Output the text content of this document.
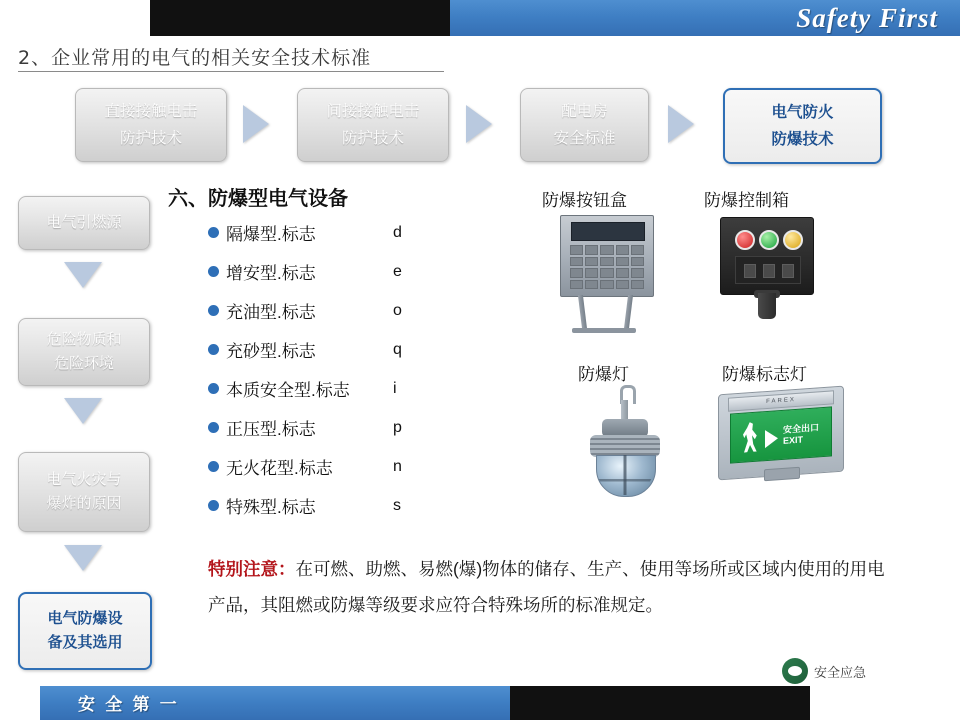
Safety First
2、企业常用的电气的相关安全技术标准
直接接触电击
防护技术
间接接触电击
防护技术
配电房
安全标准
电气防火
防爆技术
电气引燃源
危险物质和
危险环境
电气火灾与
爆炸的原因
电气防爆设
备及其选用
六、防爆型电气设备
隔爆型.标志	d
增安型.标志	e
充油型.标志	o
充砂型.标志	q
本质安全型.标志	i
正压型.标志	p
无火花型.标志	n
特殊型.标志	s
防爆按钮盒	防爆控制箱
防爆灯	防爆标志灯
FAREX
安全出口
EXIT
特别注意：在可燃、助燃、易燃(爆)物体的储存、生产、使用等场所或区域内使用的用电产品，其阻燃或防爆等级要求应符合特殊场所的标准规定。
安 全 第 一
安全应急
